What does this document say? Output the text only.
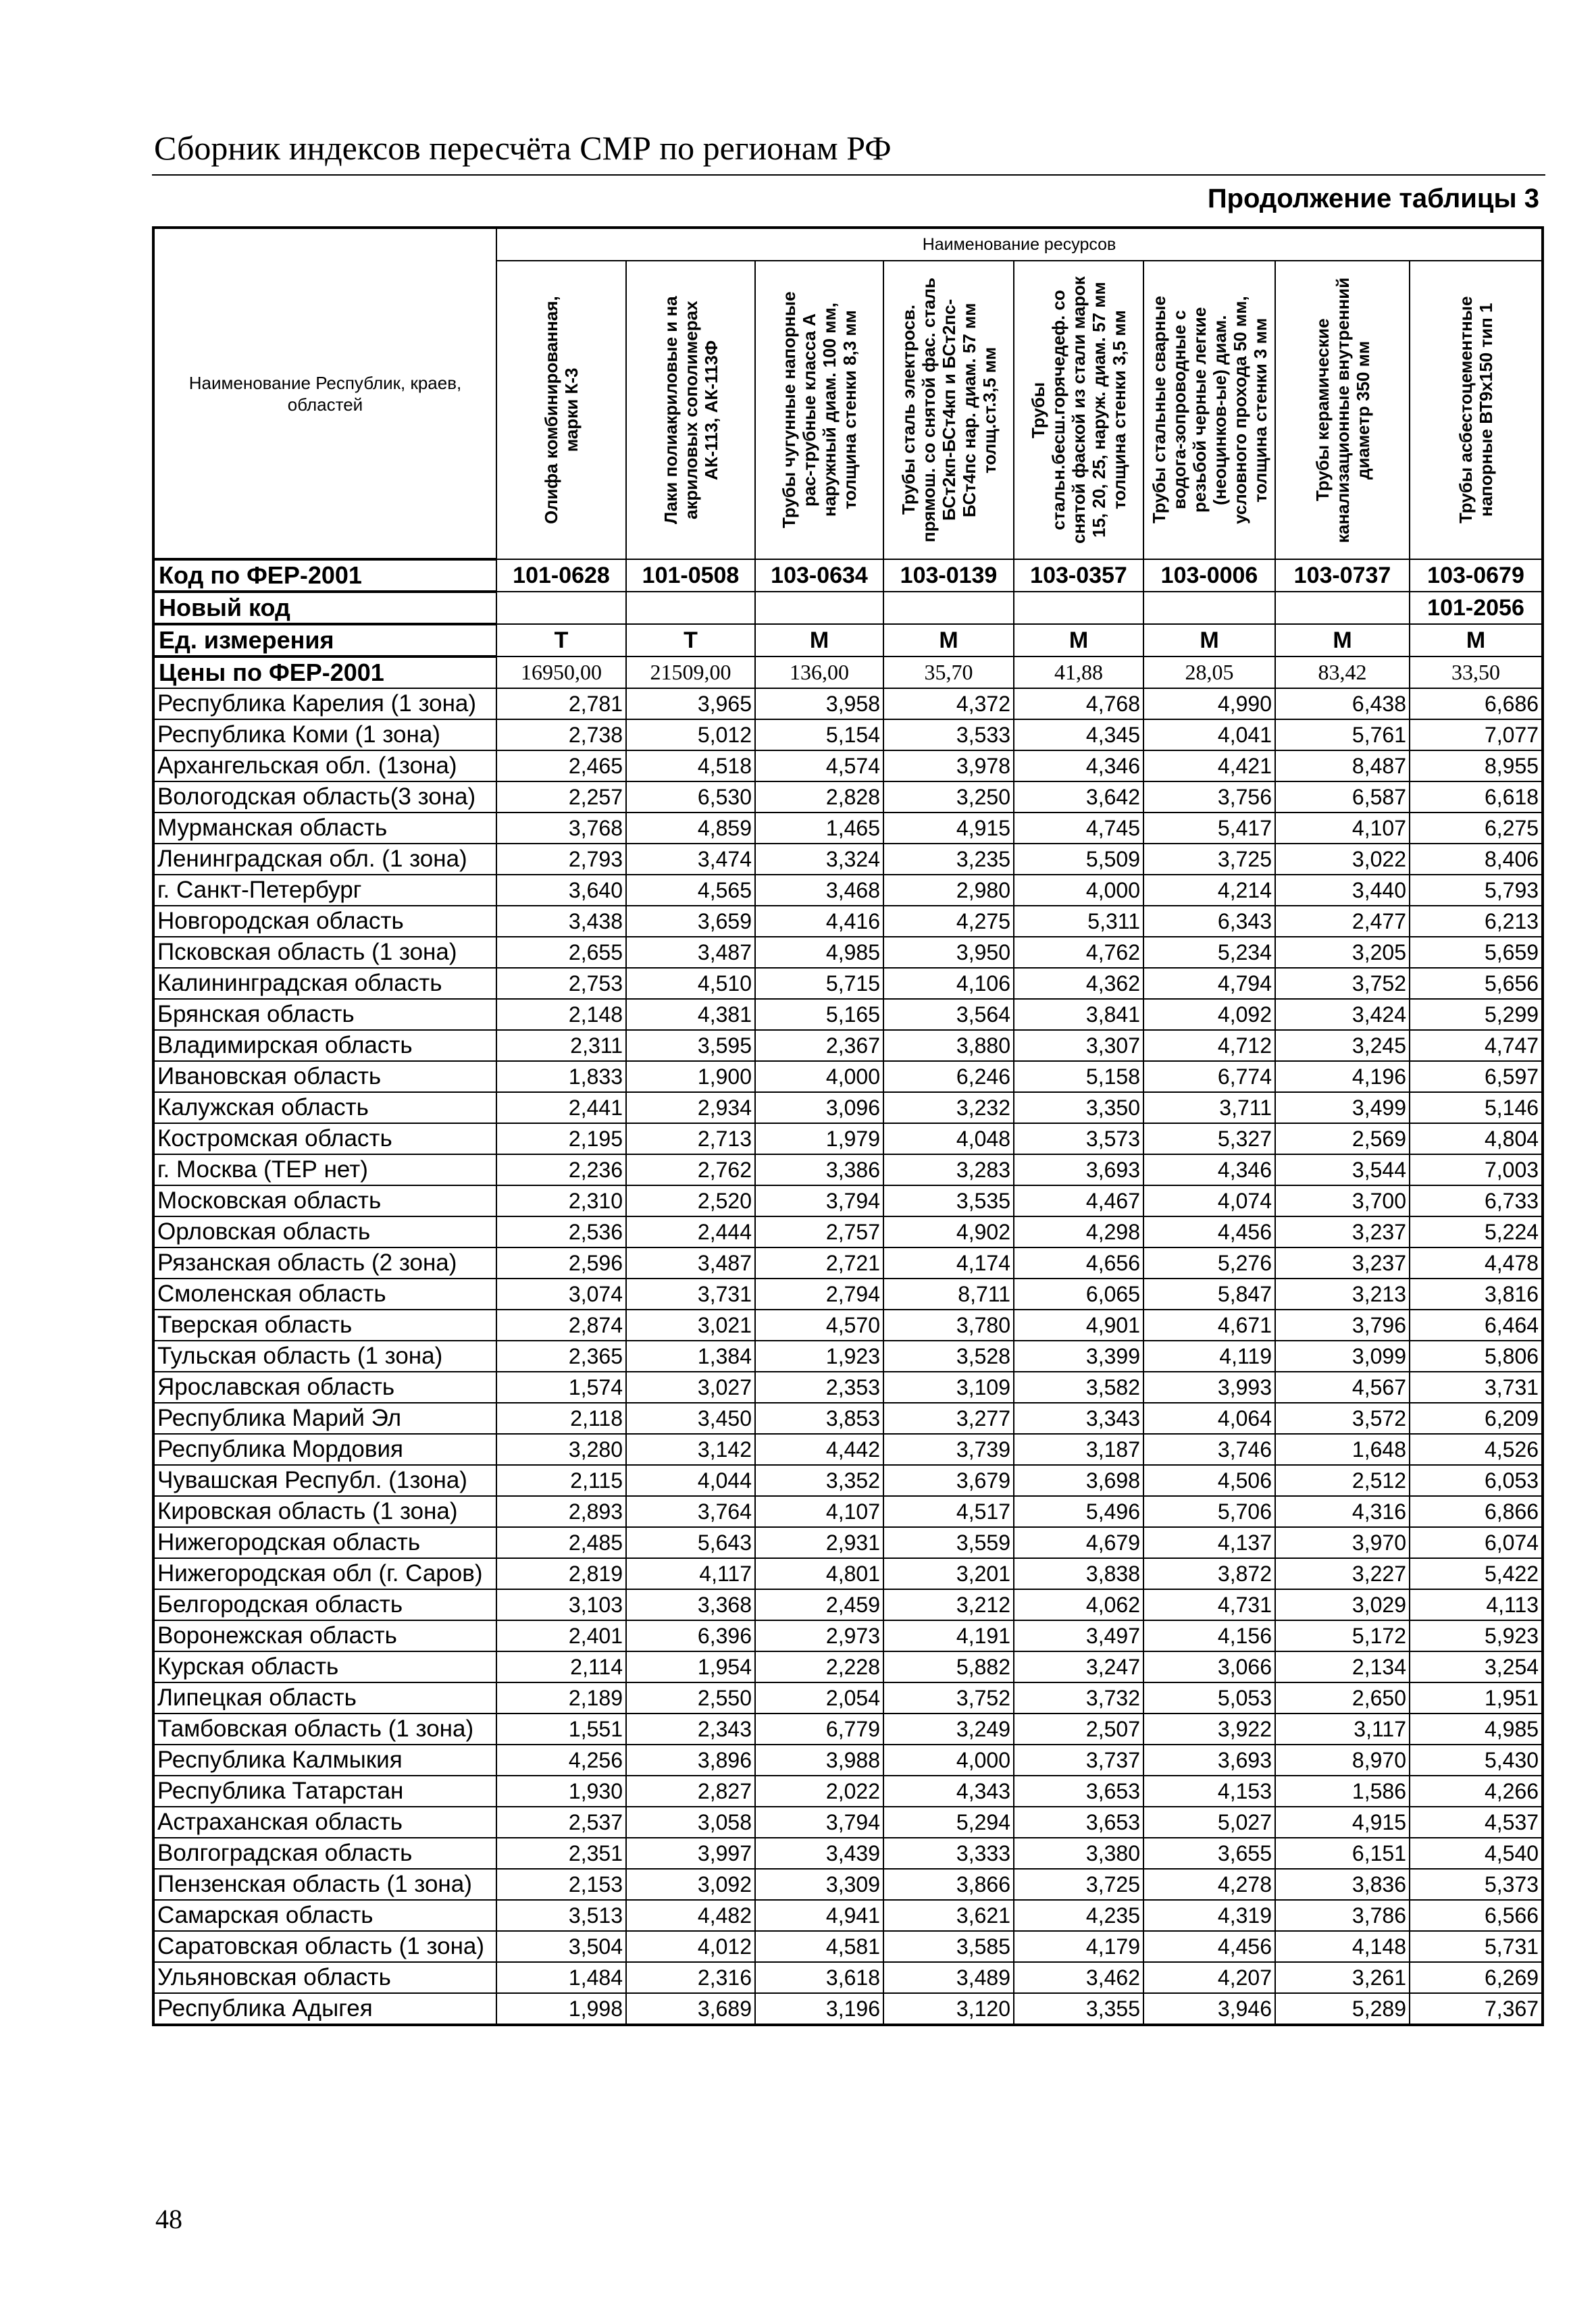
Сборник индексов пересчёта СМР по регионам РФ
Продолжение таблицы 3
Наименование Республик, краев, областей	Наименование ресурсов							

	Олифа комбинированная, марки К-3	Лаки полиакриловые и на акриловых сополимерах АК-113, АК-113Ф	Трубы чугунные напорные рас-трубные класса А наружный диам. 100 мм, толщина стенки 8,3 мм	Трубы сталь электросв. прямош. со снятой фас. сталь БСт2кп-БСт4кп и БСт2пс-БСт4пс нар. диам. 57 мм толщ.ст.3,5 мм	Трубы стальн.бесш.горячедеф. со снятой фаской из стали марок 15, 20, 25, наруж. диам. 57 мм толщина стенки 3,5 мм	Трубы стальные сварные водога-зопроводные с резьбой черные легкие (неоцинков-ые) диам. условного прохода 50 мм, толщина стенки 3 мм	Трубы керамические канализационные внутренний диаметр 350 мм	Трубы асбестоцементные напорные ВТ9х150 тип 1

Код по ФЕР-2001	101-0628	101-0508	103-0634	103-0139	103-0357	103-0006	103-0737	103-0679
Новый код								101-2056
Ед. измерения	Т	Т	М	М	М	М	М	М
Цены по ФЕР-2001	16950,00	21509,00	136,00	35,70	41,88	28,05	83,42	33,50
Республика Карелия (1 зона)	2,781	3,965	3,958	4,372	4,768	4,990	6,438	6,686
Республика Коми (1 зона)	2,738	5,012	5,154	3,533	4,345	4,041	5,761	7,077
Архангельская обл. (1зона)	2,465	4,518	4,574	3,978	4,346	4,421	8,487	8,955
Вологодская область(3 зона)	2,257	6,530	2,828	3,250	3,642	3,756	6,587	6,618
Мурманская область	3,768	4,859	1,465	4,915	4,745	5,417	4,107	6,275
Ленинградская обл. (1 зона)	2,793	3,474	3,324	3,235	5,509	3,725	3,022	8,406
г. Санкт-Петербург	3,640	4,565	3,468	2,980	4,000	4,214	3,440	5,793
Новгородская область	3,438	3,659	4,416	4,275	5,311	6,343	2,477	6,213
Псковская область (1 зона)	2,655	3,487	4,985	3,950	4,762	5,234	3,205	5,659
Калининградская область	2,753	4,510	5,715	4,106	4,362	4,794	3,752	5,656
Брянская область	2,148	4,381	5,165	3,564	3,841	4,092	3,424	5,299
Владимирская область	2,311	3,595	2,367	3,880	3,307	4,712	3,245	4,747
Ивановская область	1,833	1,900	4,000	6,246	5,158	6,774	4,196	6,597
Калужская область	2,441	2,934	3,096	3,232	3,350	3,711	3,499	5,146
Костромская область	2,195	2,713	1,979	4,048	3,573	5,327	2,569	4,804
г. Москва (ТЕР нет)	2,236	2,762	3,386	3,283	3,693	4,346	3,544	7,003
Московская область	2,310	2,520	3,794	3,535	4,467	4,074	3,700	6,733
Орловская область	2,536	2,444	2,757	4,902	4,298	4,456	3,237	5,224
Рязанская область (2 зона)	2,596	3,487	2,721	4,174	4,656	5,276	3,237	4,478
Смоленская область	3,074	3,731	2,794	8,711	6,065	5,847	3,213	3,816
Тверская область	2,874	3,021	4,570	3,780	4,901	4,671	3,796	6,464
Тульская область (1 зона)	2,365	1,384	1,923	3,528	3,399	4,119	3,099	5,806
Ярославская область	1,574	3,027	2,353	3,109	3,582	3,993	4,567	3,731
Республика Марий Эл	2,118	3,450	3,853	3,277	3,343	4,064	3,572	6,209
Республика Мордовия	3,280	3,142	4,442	3,739	3,187	3,746	1,648	4,526
Чувашская Республ. (1зона)	2,115	4,044	3,352	3,679	3,698	4,506	2,512	6,053
Кировская область (1 зона)	2,893	3,764	4,107	4,517	5,496	5,706	4,316	6,866
Нижегородская область	2,485	5,643	2,931	3,559	4,679	4,137	3,970	6,074
Нижегородская обл (г. Саров)	2,819	4,117	4,801	3,201	3,838	3,872	3,227	5,422
Белгородская область	3,103	3,368	2,459	3,212	4,062	4,731	3,029	4,113
Воронежская область	2,401	6,396	2,973	4,191	3,497	4,156	5,172	5,923
Курская область	2,114	1,954	2,228	5,882	3,247	3,066	2,134	3,254
Липецкая область	2,189	2,550	2,054	3,752	3,732	5,053	2,650	1,951
Тамбовская область (1 зона)	1,551	2,343	6,779	3,249	2,507	3,922	3,117	4,985
Республика Калмыкия	4,256	3,896	3,988	4,000	3,737	3,693	8,970	5,430
Республика Татарстан	1,930	2,827	2,022	4,343	3,653	4,153	1,586	4,266
Астраханская область	2,537	3,058	3,794	5,294	3,653	5,027	4,915	4,537
Волгоградская область	2,351	3,997	3,439	3,333	3,380	3,655	6,151	4,540
Пензенская область (1 зона)	2,153	3,092	3,309	3,866	3,725	4,278	3,836	5,373
Самарская область	3,513	4,482	4,941	3,621	4,235	4,319	3,786	6,566
Саратовская область (1 зона)	3,504	4,012	4,581	3,585	4,179	4,456	4,148	5,731
Ульяновская область	1,484	2,316	3,618	3,489	3,462	4,207	3,261	6,269
Республика Адыгея	1,998	3,689	3,196	3,120	3,355	3,946	5,289	7,367
48
